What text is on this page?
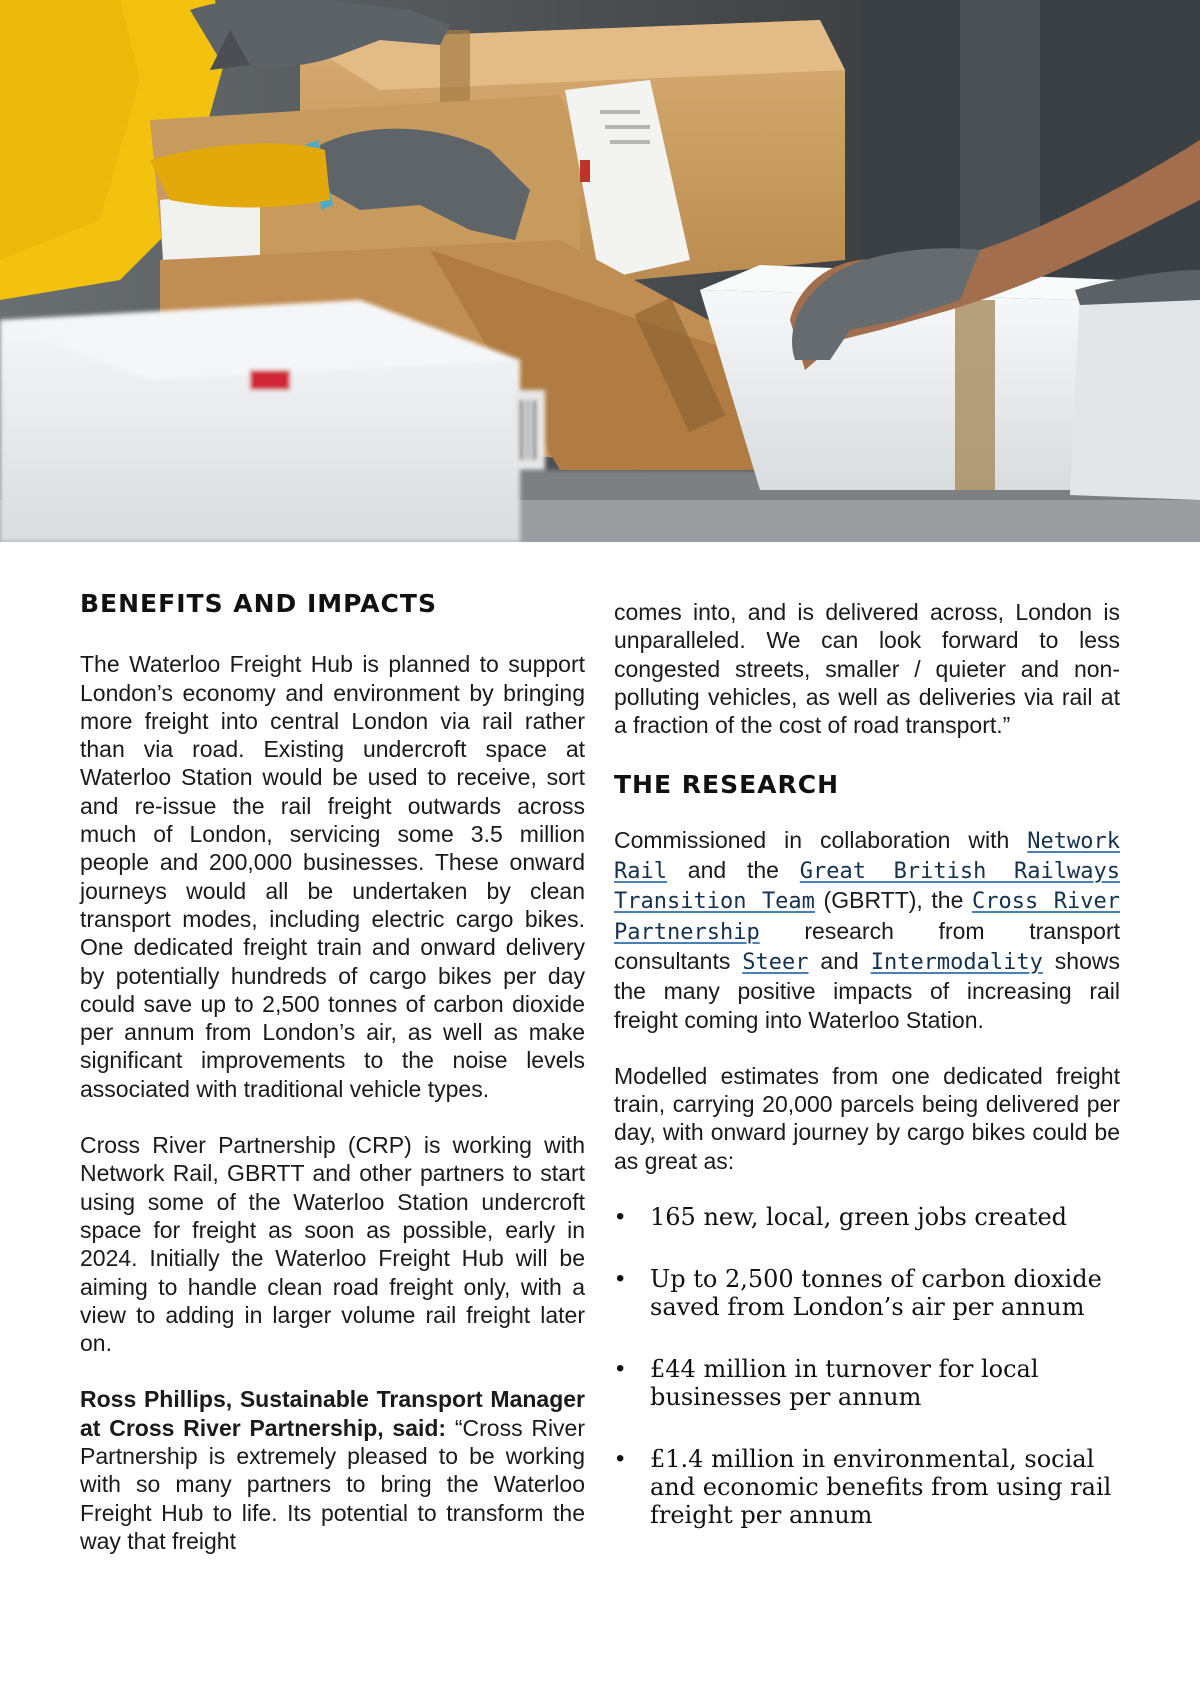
BENEFITS AND IMPACTS

The Waterloo Freight Hub is planned to support London’s economy and environment by bringing more freight into central London via rail rather than via road. Existing undercroft space at Waterloo Station would be used to receive, sort and re-issue the rail freight outwards across much of London, servicing some 3.5 million people and 200,000 businesses. These onward journeys would all be undertaken by clean transport modes, including electric cargo bikes. One dedicated freight train and onward delivery by potentially hundreds of cargo bikes per day could save up to 2,500 tonnes of carbon dioxide per annum from London’s air, as well as make significant improvements to the noise levels associated with traditional vehicle types.

Cross River Partnership (CRP) is working with Network Rail, GBRTT and other partners to start using some of the Waterloo Station undercroft space for freight as soon as possible, early in 2024. Initially the Waterloo Freight Hub will be aiming to handle clean road freight only, with a view to adding in larger volume rail freight later on.

Ross Phillips, Sustainable Transport Manager at Cross River Partnership, said: “Cross River Partnership is extremely pleased to be working with so many partners to bring the Waterloo Freight Hub to life. Its potential to transform the way that freight

comes into, and is delivered across, London is unparalleled. We can look forward to less congested streets, smaller / quieter and non-polluting vehicles, as well as deliveries via rail at a fraction of the cost of road transport.”

THE RESEARCH

Commissioned in collaboration with Network Rail and the Great British Railways Transition Team (GBRTT), the Cross River Partnership research from transport consultants Steer and Intermodality shows the many positive impacts of increasing rail freight coming into Waterloo Station.

Modelled estimates from one dedicated freight train, carrying 20,000 parcels being delivered per day, with onward journey by cargo bikes could be as great as:

• 165 new, local, green jobs created
• Up to 2,500 tonnes of carbon dioxide saved from London’s air per annum
• £44 million in turnover for local businesses per annum
• £1.4 million in environmental, social and economic benefits from using rail freight per annum
